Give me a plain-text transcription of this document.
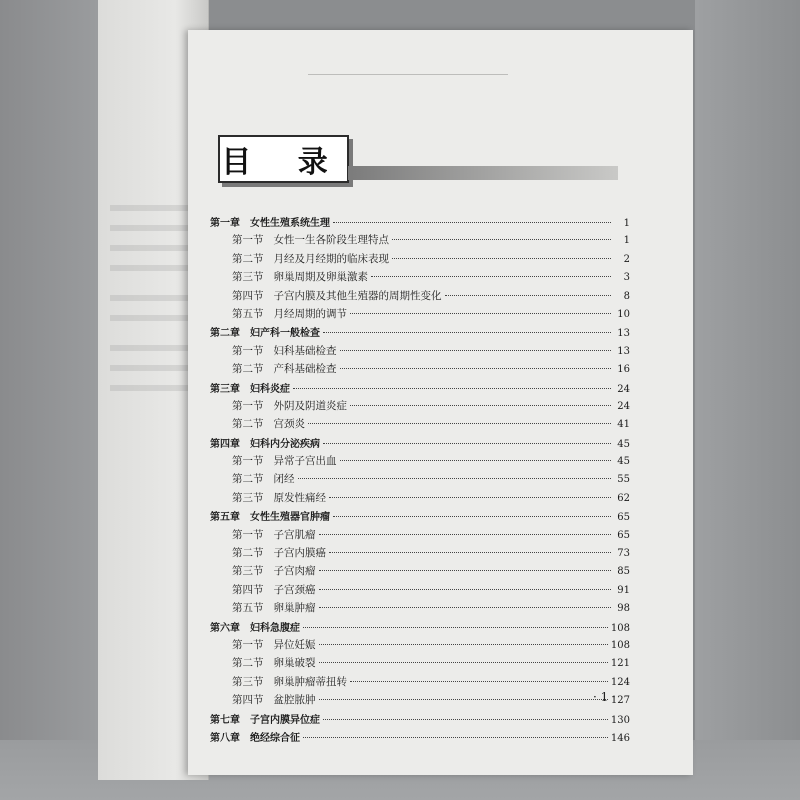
目 录
第一章 女性生殖系统生理	1
第一节 女性一生各阶段生理特点	1
第二节 月经及月经期的临床表现	2
第三节 卵巢周期及卵巢激素	3
第四节 子宫内膜及其他生殖器的周期性变化	8
第五节 月经周期的调节	10
第二章 妇产科一般检查	13
第一节 妇科基础检查	13
第二节 产科基础检查	16
第三章 妇科炎症	24
第一节 外阴及阴道炎症	24
第二节 宫颈炎	41
第四章 妇科内分泌疾病	45
第一节 异常子宫出血	45
第二节 闭经	55
第三节 原发性痛经	62
第五章 女性生殖器官肿瘤	65
第一节 子宫肌瘤	65
第二节 子宫内膜癌	73
第三节 子宫肉瘤	85
第四节 子宫颈癌	91
第五节 卵巢肿瘤	98
第六章 妇科急腹症	108
第一节 异位妊娠	108
第二节 卵巢破裂	121
第三节 卵巢肿瘤蒂扭转	124
第四节 盆腔脓肿	127
第七章 子宫内膜异位症	130
第八章 绝经综合征	146
· 1 ·
